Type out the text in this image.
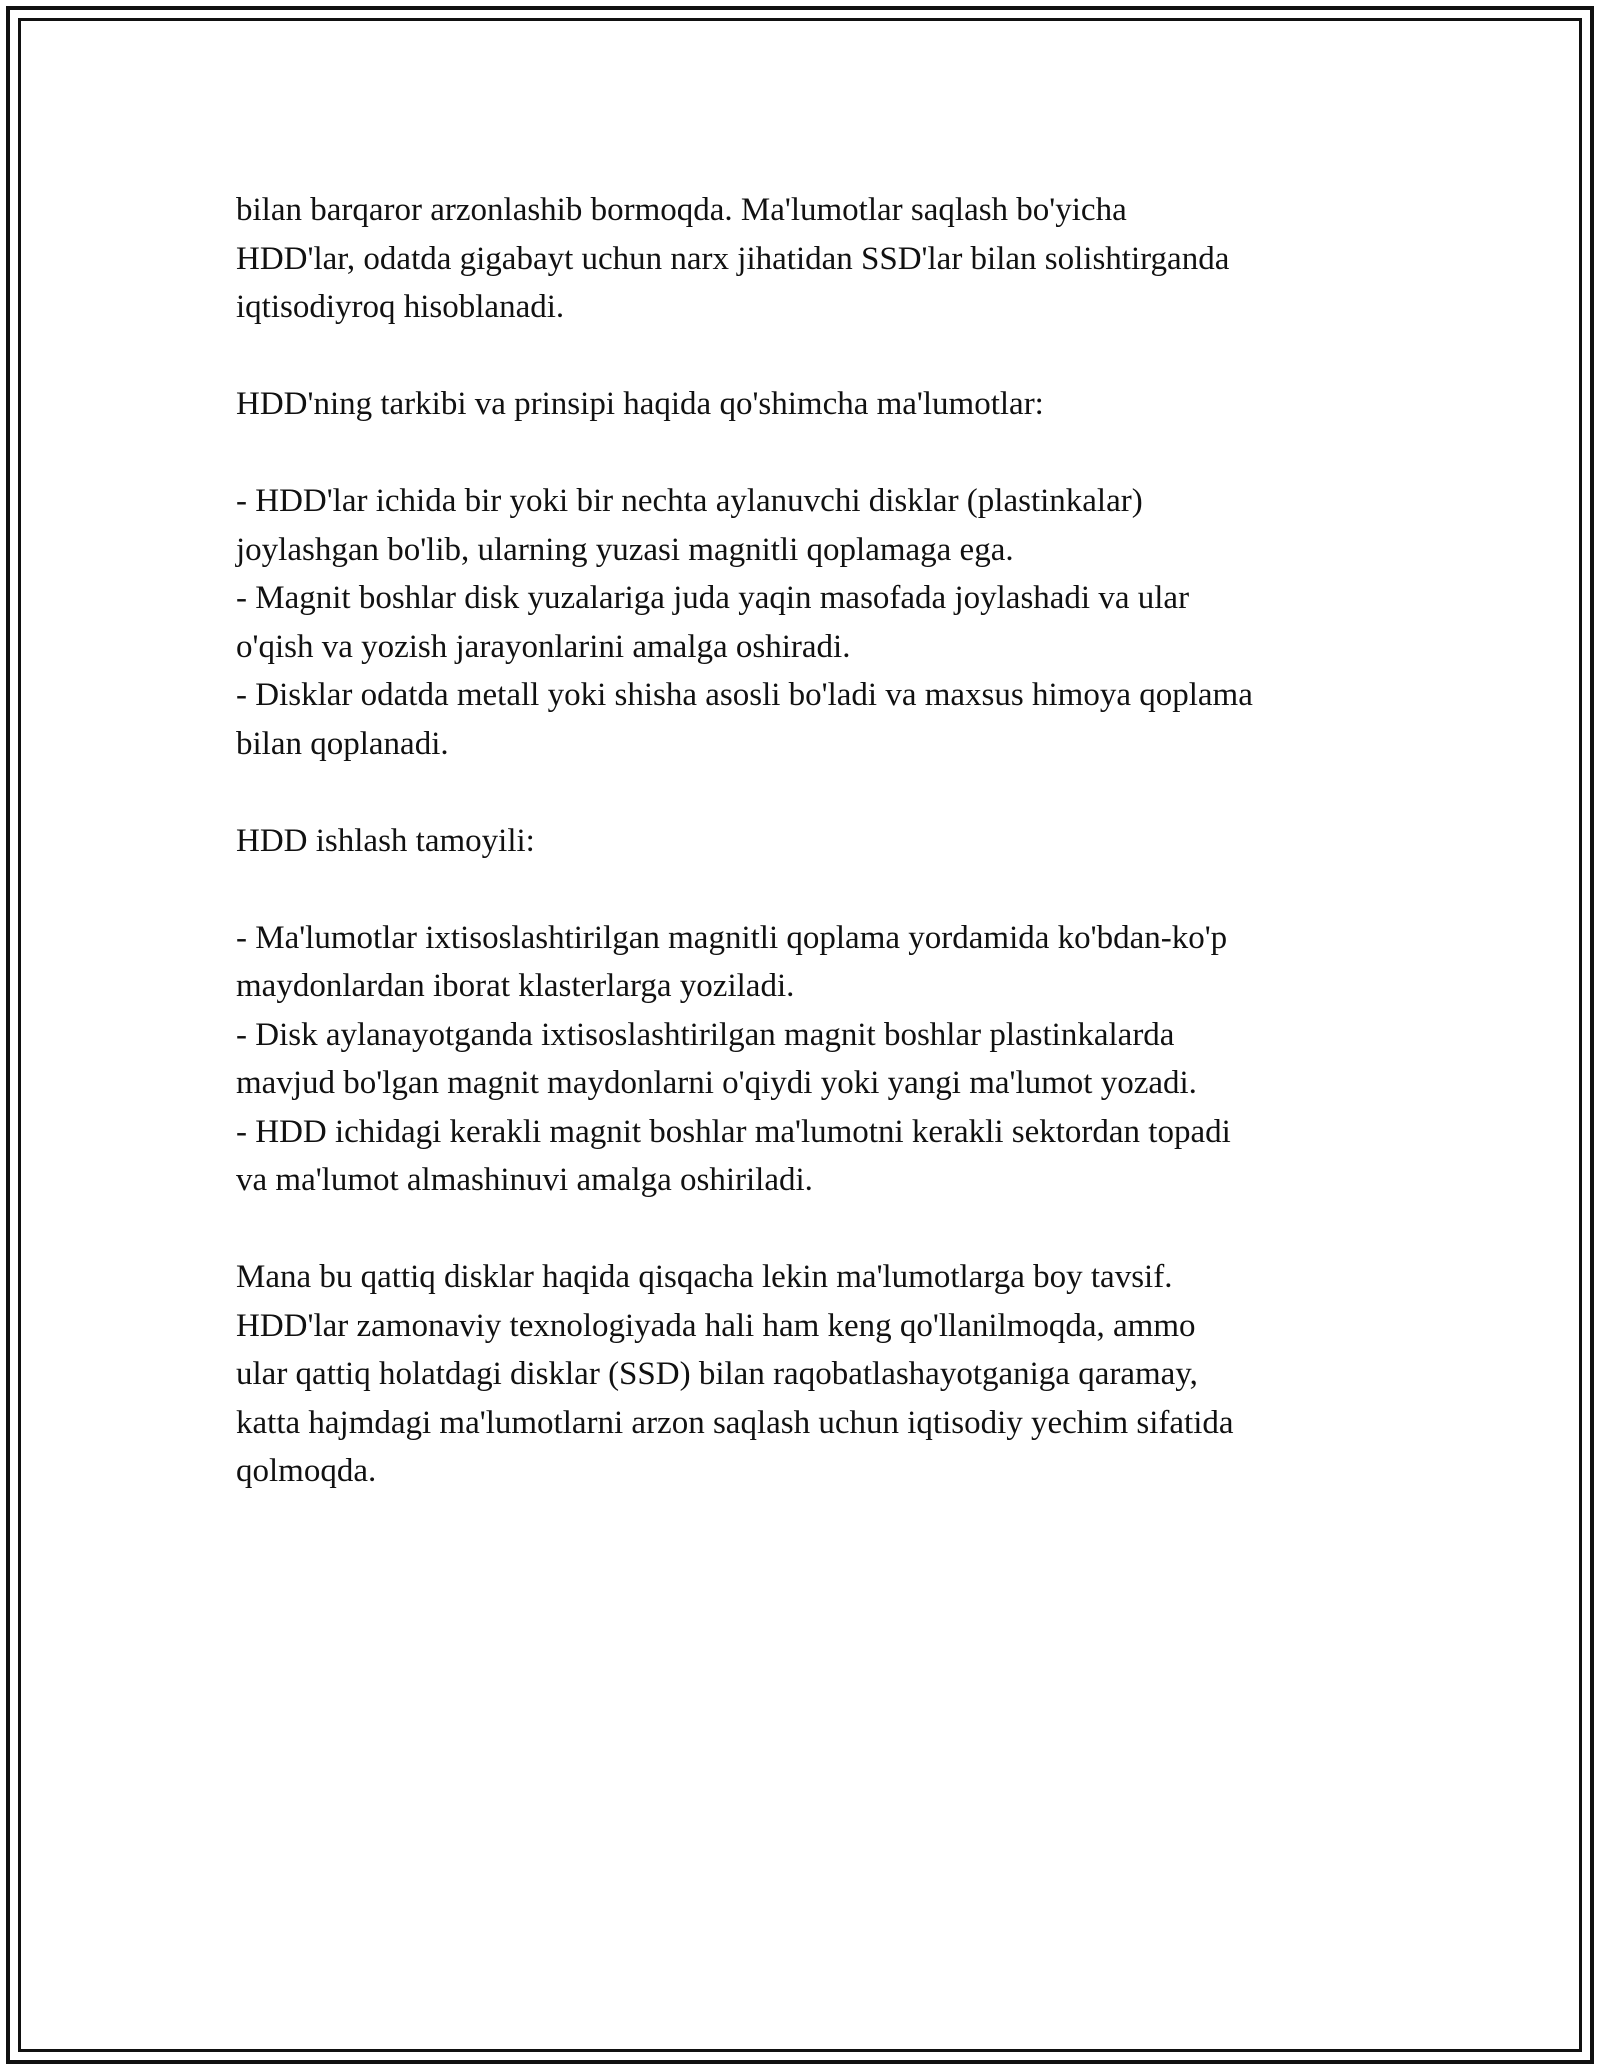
bilan barqaror arzonlashib bormoqda. Ma'lumotlar saqlash bo'yicha
HDD'lar, odatda gigabayt uchun narx jihatidan SSD'lar bilan solishtirganda
iqtisodiyroq hisoblanadi.
HDD'ning tarkibi va prinsipi haqida qo'shimcha ma'lumotlar:
- HDD'lar ichida bir yoki bir nechta aylanuvchi disklar (plastinkalar)
joylashgan bo'lib, ularning yuzasi magnitli qoplamaga ega.
- Magnit boshlar disk yuzalariga juda yaqin masofada joylashadi va ular
o'qish va yozish jarayonlarini amalga oshiradi.
- Disklar odatda metall yoki shisha asosli bo'ladi va maxsus himoya qoplama
bilan qoplanadi.
HDD ishlash tamoyili:
- Ma'lumotlar ixtisoslashtirilgan magnitli qoplama yordamida ko'bdan-ko'p
maydonlardan iborat klasterlarga yoziladi.
- Disk aylanayotganda ixtisoslashtirilgan magnit boshlar plastinkalarda
mavjud bo'lgan magnit maydonlarni o'qiydi yoki yangi ma'lumot yozadi.
- HDD ichidagi kerakli magnit boshlar ma'lumotni kerakli sektordan topadi
va ma'lumot almashinuvi amalga oshiriladi.
Mana bu qattiq disklar haqida qisqacha lekin ma'lumotlarga boy tavsif.
HDD'lar zamonaviy texnologiyada hali ham keng qo'llanilmoqda, ammo
ular qattiq holatdagi disklar (SSD) bilan raqobatlashayotganiga qaramay,
katta hajmdagi ma'lumotlarni arzon saqlash uchun iqtisodiy yechim sifatida
qolmoqda.
